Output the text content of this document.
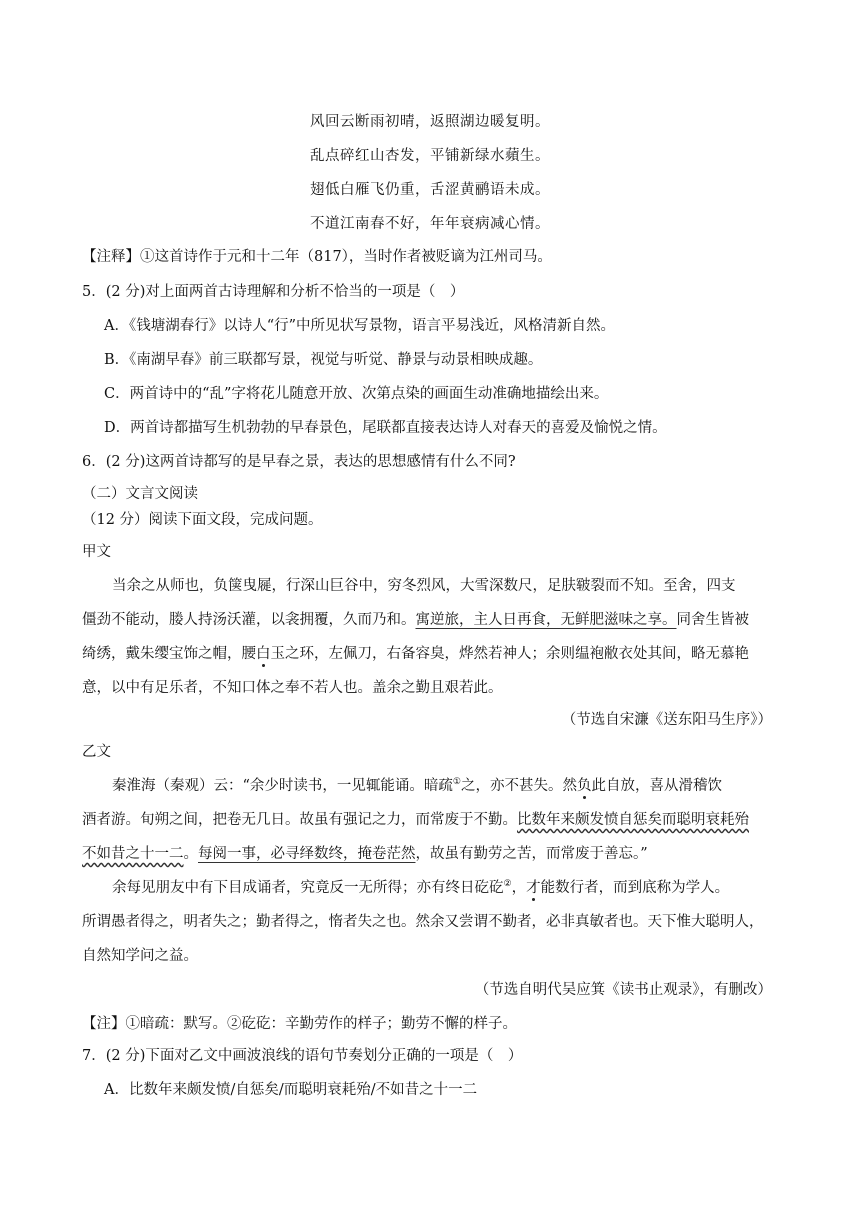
风回云断雨初晴，返照湖边暖复明。
乱点碎红山杏发，平铺新绿水蘋生。
翅低白雁飞仍重，舌涩黄鹂语未成。
不道江南春不好，年年衰病减心情。
【注释】①这首诗作于元和十二年（817），当时作者被贬谪为江州司马。
5．(2 分)对上面两首古诗理解和分析不恰当的一项是（　）
A．《钱塘湖春行》以诗人“行”中所见状写景物，语言平易浅近，风格清新自然。
B．《南湖早春》前三联都写景，视觉与听觉、静景与动景相映成趣。
C．两首诗中的“乱”字将花儿随意开放、次第点染的画面生动准确地描绘出来。
D．两首诗都描写生机勃勃的早春景色，尾联都直接表达诗人对春天的喜爱及愉悦之情。
6．(2 分)这两首诗都写的是早春之景，表达的思想感情有什么不同?
（二）文言文阅读
（12 分）阅读下面文段，完成问题。
甲文
当余之从师也，负箧曳屣，行深山巨谷中，穷冬烈风，大雪深数尺，足肤皲裂而不知。至舍，四支
僵劲不能动，媵人持汤沃灌，以衾拥覆，久而乃和。寓逆旅，主人日再食，无鲜肥滋味之享。同舍生皆被
绮绣，戴朱缨宝饰之帽，腰白玉之环，左佩刀，右备容臭，烨然若神人；余则缊袍敝衣处其间，略无慕艳
意，以中有足乐者，不知口体之奉不若人也。盖余之勤且艰若此。
（节选自宋濂《送东阳马生序》）
乙文
秦淮海（秦观）云：“余少时读书，一见辄能诵。暗疏①之，亦不甚失。然负此自放，喜从滑稽饮
酒者游。旬朔之间，把卷无几日。故虽有强记之力，而常废于不勤。比数年来颇发愤自惩矣而聪明衰耗殆
不如昔之十一二。每阅一事，必寻绎数终，掩卷茫然，故虽有勤劳之苦，而常废于善忘。”
余每见朋友中有下目成诵者，究竟反一无所得；亦有终日矻矻②，才能数行者，而到底称为学人。
所谓愚者得之，明者失之；勤者得之，惰者失之也。然余又尝谓不勤者，必非真敏者也。天下惟大聪明人，
自然知学问之益。
（节选自明代吴应箕《读书止观录》，有删改）
【注】①暗疏：默写。②矻矻：辛勤劳作的样子；勤劳不懈的样子。
7．(2 分)下面对乙文中画波浪线的语句节奏划分正确的一项是（　）
A．比数年来颇发愤/自惩矣/而聪明衰耗殆/不如昔之十一二
